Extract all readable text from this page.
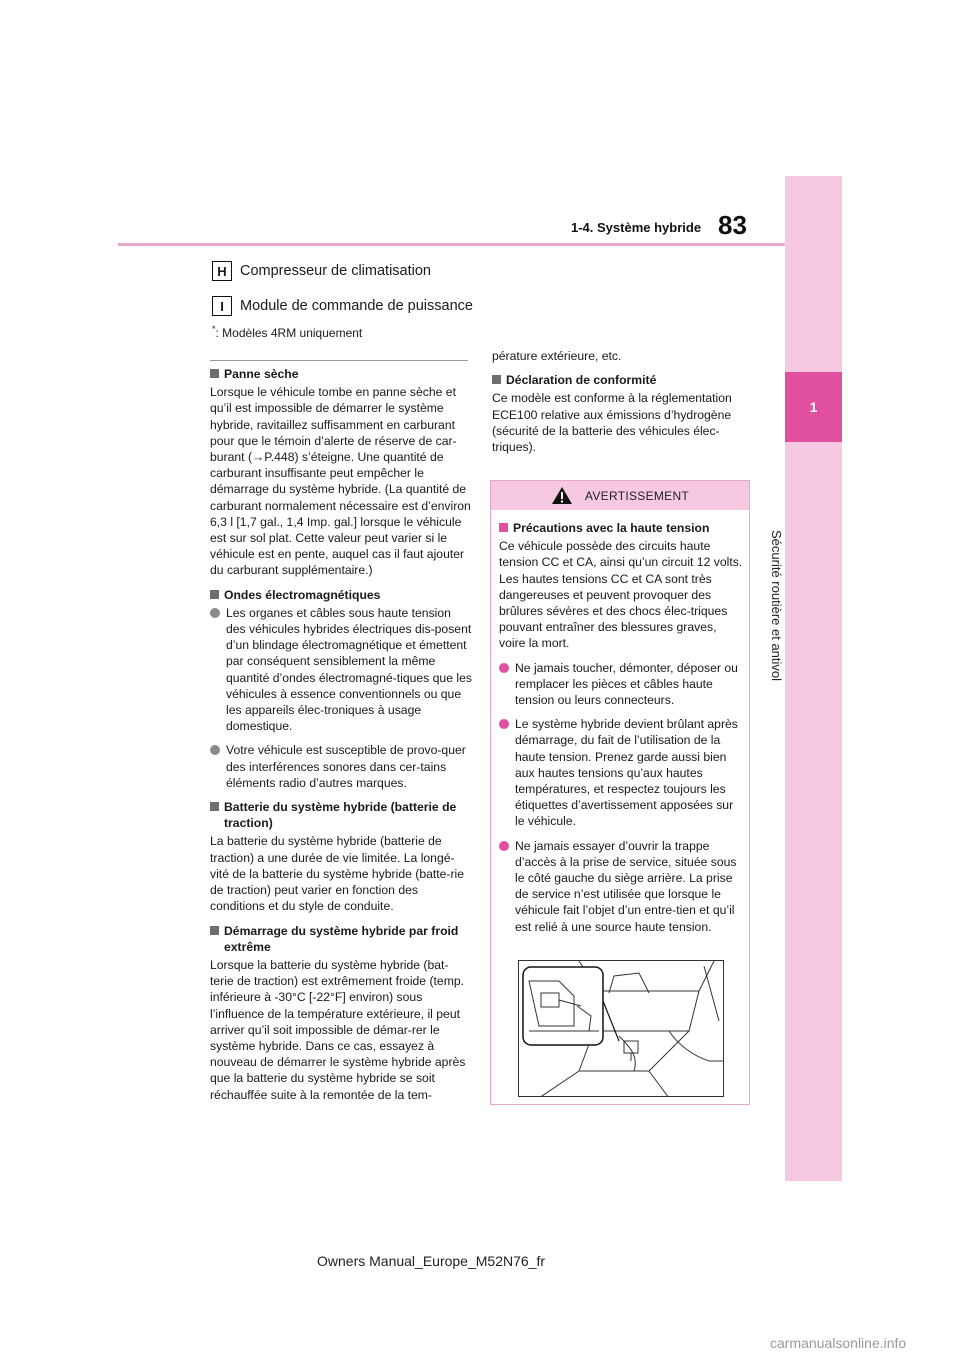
1
Sécurité routière et antivol
83
1-4. Système hybride
H Compresseur de climatisation
I	Module de commande de puissance
*: Modèles 4RM uniquement
Panne sèche
Lorsque le véhicule tombe en panne sèche et qu’il est impossible de démarrer le système hybride, ravitaillez suffisamment en carburant pour que le témoin d’alerte de réserve de car-burant (→P.448) s’éteigne. Une quantité de carburant insuffisante peut empêcher le démarrage du système hybride. (La quantité de carburant normalement nécessaire est d’environ 6,3 l [1,7 gal., 1,4 Imp. gal.] lorsque le véhicule est sur sol plat. Cette valeur peut varier si le véhicule est en pente, auquel cas il faut ajouter du carburant supplémentaire.)
Ondes électromagnétiques
Les organes et câbles sous haute tension des véhicules hybrides électriques dis-posent d’un blindage électromagnétique et émettent par conséquent sensiblement la même quantité d’ondes électromagné-tiques que les véhicules à essence conventionnels ou que les appareils élec-troniques à usage domestique.
Votre véhicule est susceptible de provo-quer des interférences sonores dans cer-tains éléments radio d’autres marques.
Batterie du système hybride (batterie de traction)
La batterie du système hybride (batterie de traction) a une durée de vie limitée. La longé-vité de la batterie du système hybride (batte-rie de traction) peut varier en fonction des conditions et du style de conduite.
Démarrage du système hybride par froid extrême
Lorsque la batterie du système hybride (bat-terie de traction) est extrêmement froide (temp. inférieure à -30°C [-22°F] environ) sous l’influence de la température extérieure, il peut arriver qu’il soit impossible de démar-rer le système hybride. Dans ce cas, essayez à nouveau de démarrer le système hybride après que la batterie du système hybride se soit réchauffée suite à la remontée de la tem-
pérature extérieure, etc.
Déclaration de conformité
Ce modèle est conforme à la réglementation ECE100 relative aux émissions d’hydrogène (sécurité de la batterie des véhicules élec-triques).
AVERTISSEMENT
Précautions avec la haute tension
Ce véhicule possède des circuits haute tension CC et CA, ainsi qu’un circuit 12 volts. Les hautes tensions CC et CA sont très dangereuses et peuvent provoquer des brûlures sévères et des chocs élec-triques pouvant entraîner des blessures graves, voire la mort.
Ne jamais toucher, démonter, déposer ou remplacer les pièces et câbles haute tension ou leurs connecteurs.
Le système hybride devient brûlant après démarrage, du fait de l’utilisation de la haute tension. Prenez garde aussi bien aux hautes tensions qu’aux hautes températures, et respectez toujours les étiquettes d’avertissement apposées sur le véhicule.
Ne jamais essayer d’ouvrir la trappe d’accès à la prise de service, située sous le côté gauche du siège arrière. La prise de service n’est utilisée que lorsque le véhicule fait l’objet d’un entre-tien et qu’il est relié à une source haute tension.
Owners Manual_Europe_M52N76_fr
carmanualsonline.info
